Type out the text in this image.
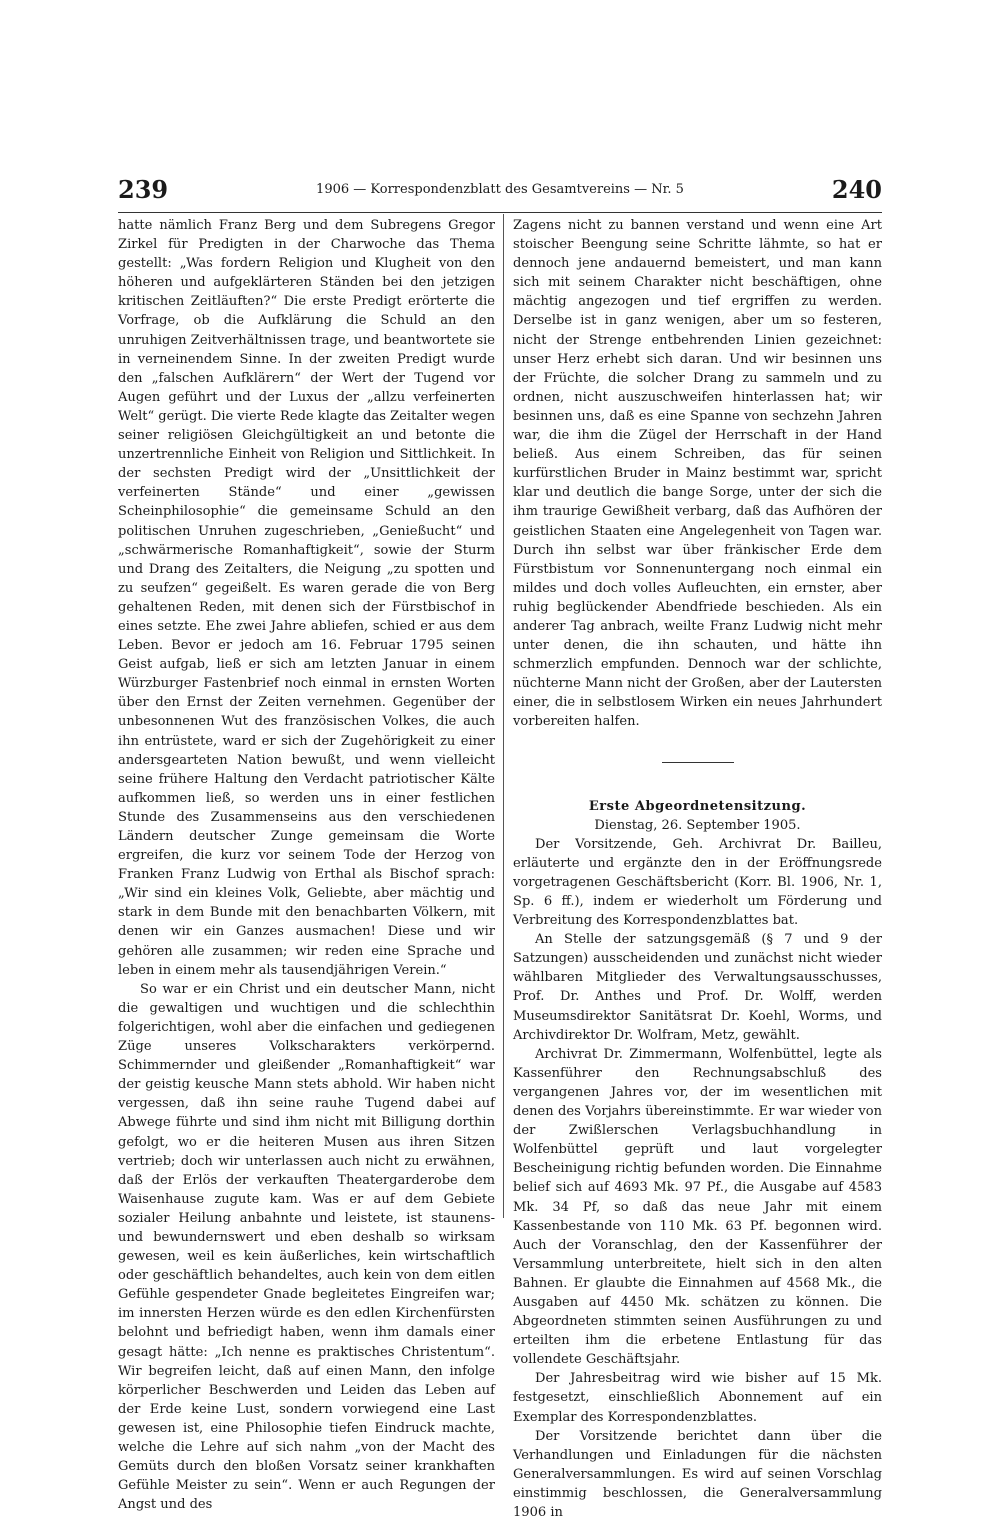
239	1906 — Korrespondenzblatt des Gesamtvereins — Nr. 5	240

hatte nämlich Franz Berg und dem Subregens Gregor Zirkel für Predigten in der Charwoche das Thema gestellt: „Was fordern Religion und Klugheit von den höheren und aufgeklärteren Ständen bei den jetzigen kritischen Zeitläuften?“ Die erste Predigt erörterte die Vorfrage, ob die Aufklärung die Schuld an den unruhigen Zeitverhältnissen trage, und beantwortete sie in verneinendem Sinne. In der zweiten Predigt wurde den „falschen Aufklärern“ der Wert der Tugend vor Augen geführt und der Luxus der „allzu verfeinerten Welt“ gerügt. Die vierte Rede klagte das Zeitalter wegen seiner religiösen Gleichgültigkeit an und betonte die unzertrennliche Einheit von Religion und Sittlichkeit. In der sechsten Predigt wird der „Unsittlichkeit der verfeinerten Stände“ und einer „gewissen Scheinphilosophie“ die gemeinsame Schuld an den politischen Unruhen zugeschrieben, „Genießucht“ und „schwärmerische Romanhaftigkeit“, sowie der Sturm und Drang des Zeitalters, die Neigung „zu spotten und zu seufzen“ gegeißelt. Es waren gerade die von Berg gehaltenen Reden, mit denen sich der Fürstbischof in eines setzte. Ehe zwei Jahre abliefen, schied er aus dem Leben. Bevor er jedoch am 16. Februar 1795 seinen Geist aufgab, ließ er sich am letzten Januar in einem Würzburger Fastenbrief noch einmal in ernsten Worten über den Ernst der Zeiten vernehmen. Gegenüber der unbesonnenen Wut des französischen Volkes, die auch ihn entrüstete, ward er sich der Zugehörigkeit zu einer andersgearteten Nation bewußt, und wenn vielleicht seine frühere Haltung den Verdacht patriotischer Kälte aufkommen ließ, so werden uns in einer festlichen Stunde des Zusammenseins aus den verschiedenen Ländern deutscher Zunge gemeinsam die Worte ergreifen, die kurz vor seinem Tode der Herzog von Franken Franz Ludwig von Erthal als Bischof sprach: „Wir sind ein kleines Volk, Geliebte, aber mächtig und stark in dem Bunde mit den benachbarten Völkern, mit denen wir ein Ganzes ausmachen! Diese und wir gehören alle zusammen; wir reden eine Sprache und leben in einem mehr als tausendjährigen Verein.“

So war er ein Christ und ein deutscher Mann, nicht die gewaltigen und wuchtigen und die schlechthin folgerichtigen, wohl aber die einfachen und gediegenen Züge unseres Volkscharakters verkörpernd. Schimmernder und gleißender „Romanhaftigkeit“ war der geistig keusche Mann stets abhold. Wir haben nicht vergessen, daß ihn seine rauhe Tugend dabei auf Abwege führte und sind ihm nicht mit Billigung dorthin gefolgt, wo er die heiteren Musen aus ihren Sitzen vertrieb; doch wir unterlassen auch nicht zu erwähnen, daß der Erlös der verkauften Theatergarderobe dem Waisenhause zugute kam. Was er auf dem Gebiete sozialer Heilung anbahnte und leistete, ist staunens- und bewundernswert und eben deshalb so wirksam gewesen, weil es kein äußerliches, kein wirtschaftlich oder geschäftlich behandeltes, auch kein von dem eitlen Gefühle gespendeter Gnade begleitetes Eingreifen war; im innersten Herzen würde es den edlen Kirchenfürsten belohnt und befriedigt haben, wenn ihm damals einer gesagt hätte: „Ich nenne es praktisches Christentum“. Wir begreifen leicht, daß auf einen Mann, den infolge körperlicher Beschwerden und Leiden das Leben auf der Erde keine Lust, sondern vorwiegend eine Last gewesen ist, eine Philosophie tiefen Eindruck machte, welche die Lehre auf sich nahm „von der Macht des Gemüts durch den bloßen Vorsatz seiner krankhaften Gefühle Meister zu sein“. Wenn er auch Regungen der Angst und des

Zagens nicht zu bannen verstand und wenn eine Art stoischer Beengung seine Schritte lähmte, so hat er dennoch jene andauernd bemeistert, und man kann sich mit seinem Charakter nicht beschäftigen, ohne mächtig angezogen und tief ergriffen zu werden. Derselbe ist in ganz wenigen, aber um so festeren, nicht der Strenge entbehrenden Linien gezeichnet: unser Herz erhebt sich daran. Und wir besinnen uns der Früchte, die solcher Drang zu sammeln und zu ordnen, nicht auszuschweifen hinterlassen hat; wir besinnen uns, daß es eine Spanne von sechzehn Jahren war, die ihm die Zügel der Herrschaft in der Hand beließ. Aus einem Schreiben, das für seinen kurfürstlichen Bruder in Mainz bestimmt war, spricht klar und deutlich die bange Sorge, unter der sich die ihm traurige Gewißheit verbarg, daß das Aufhören der geistlichen Staaten eine Angelegenheit von Tagen war. Durch ihn selbst war über fränkischer Erde dem Fürstbistum vor Sonnenuntergang noch einmal ein mildes und doch volles Aufleuchten, ein ernster, aber ruhig beglückender Abendfriede beschieden. Als ein anderer Tag anbrach, weilte Franz Ludwig nicht mehr unter denen, die ihn schauten, und hätte ihn schmerzlich empfunden. Dennoch war der schlichte, nüchterne Mann nicht der Großen, aber der Lautersten einer, die in selbstlosem Wirken ein neues Jahrhundert vorbereiten halfen.

Erste Abgeordnetensitzung.

Dienstag, 26. September 1905.

Der Vorsitzende, Geh. Archivrat Dr. Bailleu, erläuterte und ergänzte den in der Eröffnungsrede vorgetragenen Geschäftsbericht (Korr. Bl. 1906, Nr. 1, Sp. 6 ff.), indem er wiederholt um Förderung und Verbreitung des Korrespondenzblattes bat.

An Stelle der satzungsgemäß (§ 7 und 9 der Satzungen) ausscheidenden und zunächst nicht wieder wählbaren Mitglieder des Verwaltungsausschusses, Prof. Dr. Anthes und Prof. Dr. Wolff, werden Museumsdirektor Sanitätsrat Dr. Koehl, Worms, und Archivdirektor Dr. Wolfram, Metz, gewählt.

Archivrat Dr. Zimmermann, Wolfenbüttel, legte als Kassenführer den Rechnungsabschluß des vergangenen Jahres vor, der im wesentlichen mit denen des Vorjahrs übereinstimmte. Er war wieder von der Zwißlerschen Verlagsbuchhandlung in Wolfenbüttel geprüft und laut vorgelegter Bescheinigung richtig befunden worden. Die Einnahme belief sich auf 4693 Mk. 97 Pf., die Ausgabe auf 4583 Mk. 34 Pf, so daß das neue Jahr mit einem Kassenbestande von 110 Mk. 63 Pf. begonnen wird. Auch der Voranschlag, den der Kassenführer der Versammlung unterbreitete, hielt sich in den alten Bahnen. Er glaubte die Einnahmen auf 4568 Mk., die Ausgaben auf 4450 Mk. schätzen zu können. Die Abgeordneten stimmten seinen Ausführungen zu und erteilten ihm die erbetene Entlastung für das vollendete Geschäftsjahr.

Der Jahresbeitrag wird wie bisher auf 15 Mk. festgesetzt, einschließlich Abonnement auf ein Exemplar des Korrespondenzblattes.

Der Vorsitzende berichtet dann über die Verhandlungen und Einladungen für die nächsten Generalversammlungen. Es wird auf seinen Vorschlag einstimmig beschlossen, die Generalversammlung 1906 in
